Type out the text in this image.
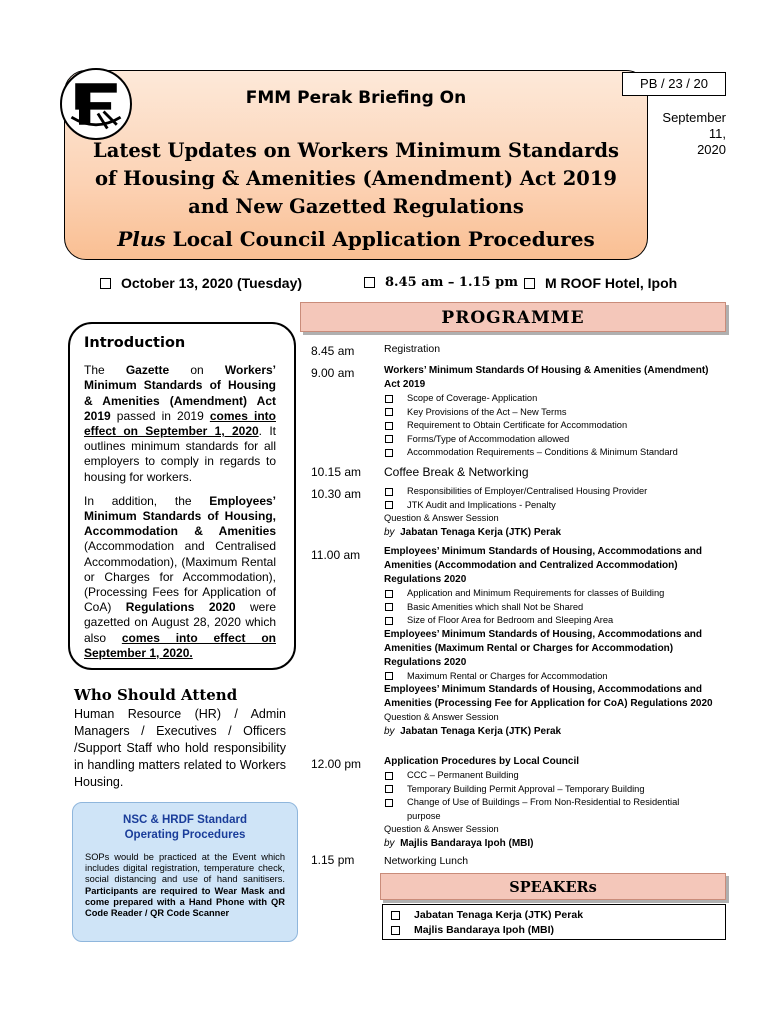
FMM Perak Briefing On
Latest Updates on Workers Minimum Standards
of Housing & Amenities (Amendment) Act 2019
and New Gazetted Regulations
Plus Local Council Application Procedures
PB / 23 / 20
September
11,
2020
October 13, 2020 (Tuesday)	8.45 am – 1.15 pm M ROOF Hotel, Ipoh
Introduction

The Gazette on Workers’ Minimum Standards of Housing & Amenities (Amendment) Act 2019 passed in 2019 comes into effect on September 1, 2020. It outlines minimum standards for all employers to comply in regards to housing for workers.

In addition, the Employees’ Minimum Standards of Housing, Accommodation & Amenities (Accommodation and Centralised Accommodation), (Maximum Rental or Charges for Accommodation), (Processing Fees for Application of CoA) Regulations 2020 were gazetted on August 28, 2020 which also comes into effect on September 1, 2020.

Who Should Attend
Human Resource (HR) / Admin Managers / Executives / Officers /Support Staff who hold responsibility in handling matters related to Workers Housing.
NSC & HRDF Standard
Operating Procedures
SOPs would be practiced at the Event which includes digital registration, temperature check, social distancing and use of hand sanitisers. Participants are required to Wear Mask and come prepared with a Hand Phone with QR Code Reader / QR Code Scanner
PROGRAMME
8.45 am	Registration
9.00 am	Workers’ Minimum Standards Of Housing & Amenities (Amendment) Act 2019
Scope of Coverage- Application
Key Provisions of the Act – New Terms
Requirement to Obtain Certificate for Accommodation
Forms/Type of Accommodation allowed
Accommodation Requirements – Conditions & Minimum Standard
10.15 am Coffee Break & Networking
10.30 am	Responsibilities of Employer/Centralised Housing Provider
JTK Audit and Implications - Penalty
Question & Answer Session
by Jabatan Tenaga Kerja (JTK) Perak
11.00 am Employees’ Minimum Standards of Housing, Accommodations and Amenities (Accommodation and Centralized Accommodation) Regulations 2020
Application and Minimum Requirements for classes of Building
Basic Amenities which shall Not be Shared
Size of Floor Area for Bedroom and Sleeping Area
Employees’ Minimum Standards of Housing, Accommodations and Amenities (Maximum Rental or Charges for Accommodation) Regulations 2020
Maximum Rental or Charges for Accommodation
Employees’ Minimum Standards of Housing, Accommodations and Amenities (Processing Fee for Application for CoA) Regulations 2020
Question & Answer Session
by Jabatan Tenaga Kerja (JTK) Perak
12.00 pm Application Procedures by Local Council
CCC – Permanent Building
Temporary Building Permit Approval – Temporary Building
Change of Use of Buildings – From Non-Residential to Residential purpose
Question & Answer Session
by Majlis Bandaraya Ipoh (MBI)
1.15 pm	Networking Lunch
SPEAKERs
Jabatan Tenaga Kerja (JTK) Perak
Majlis Bandaraya Ipoh (MBI)
